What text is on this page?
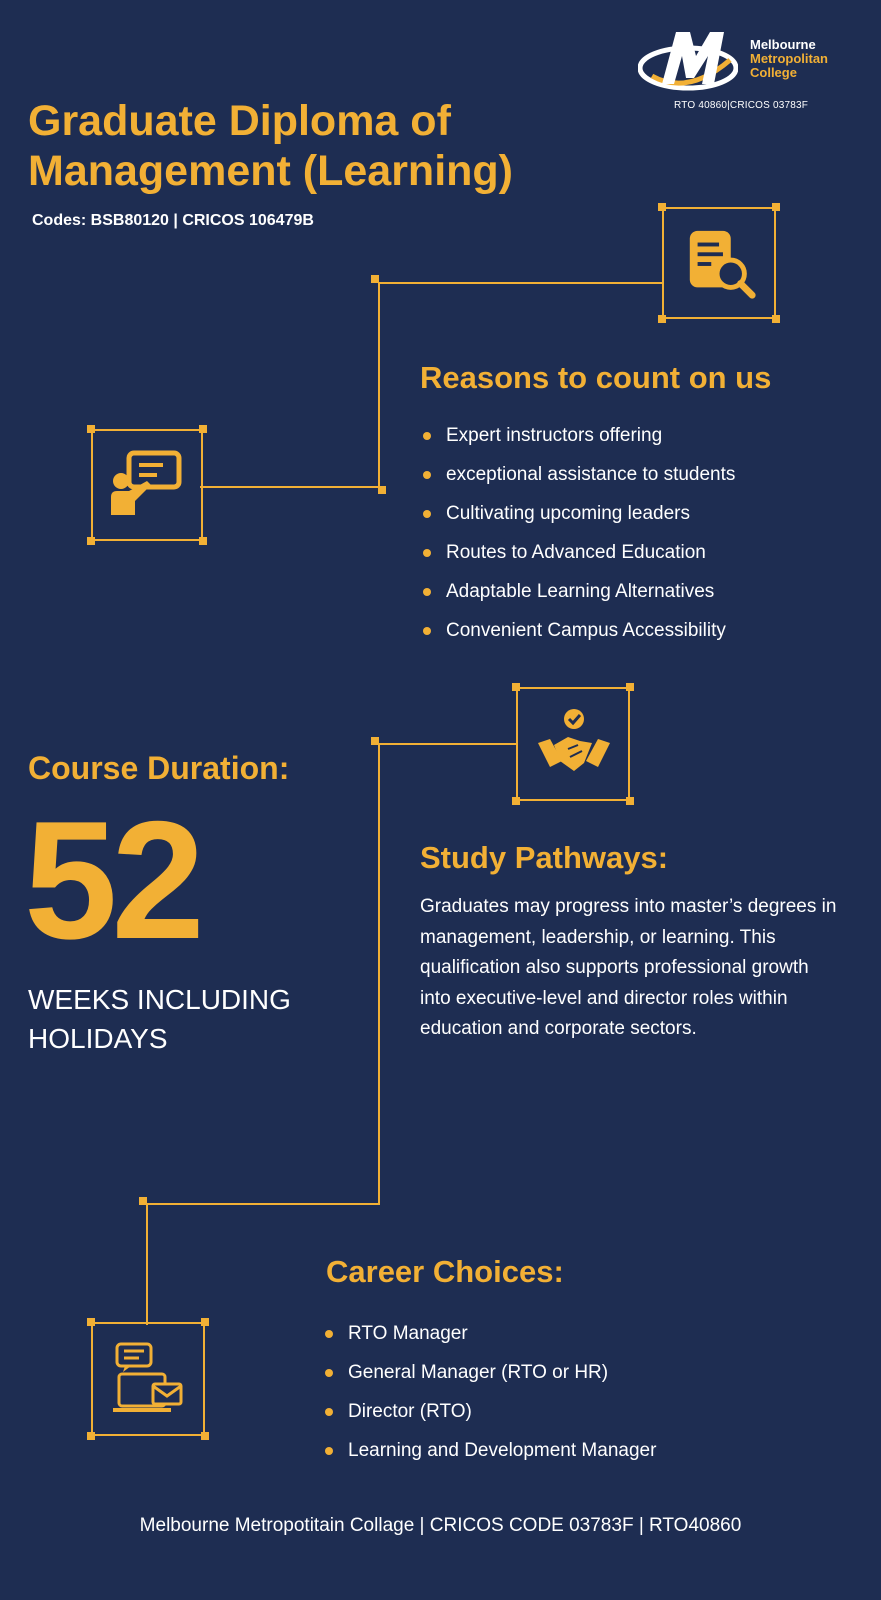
Melbourne
Metropolitan
College
RTO 40860|CRICOS 03783F
Graduate Diploma of Management (Learning)
Codes: BSB80120 | CRICOS 106479B
Reasons to count on us
Expert instructors offering
exceptional assistance to students
Cultivating upcoming leaders
Routes to Advanced Education
Adaptable Learning Alternatives
Convenient Campus Accessibility
Course Duration:
52
WEEKS INCLUDING HOLIDAYS
Study Pathways:
Graduates may progress into master’s degrees in management, leadership, or learning. This qualification also supports professional growth into executive-level and director roles within education and corporate sectors.
Career Choices:
RTO Manager
General Manager (RTO or HR)
Director (RTO)
Learning and Development Manager
Melbourne Metropotitain Collage | CRICOS CODE 03783F | RTO40860
